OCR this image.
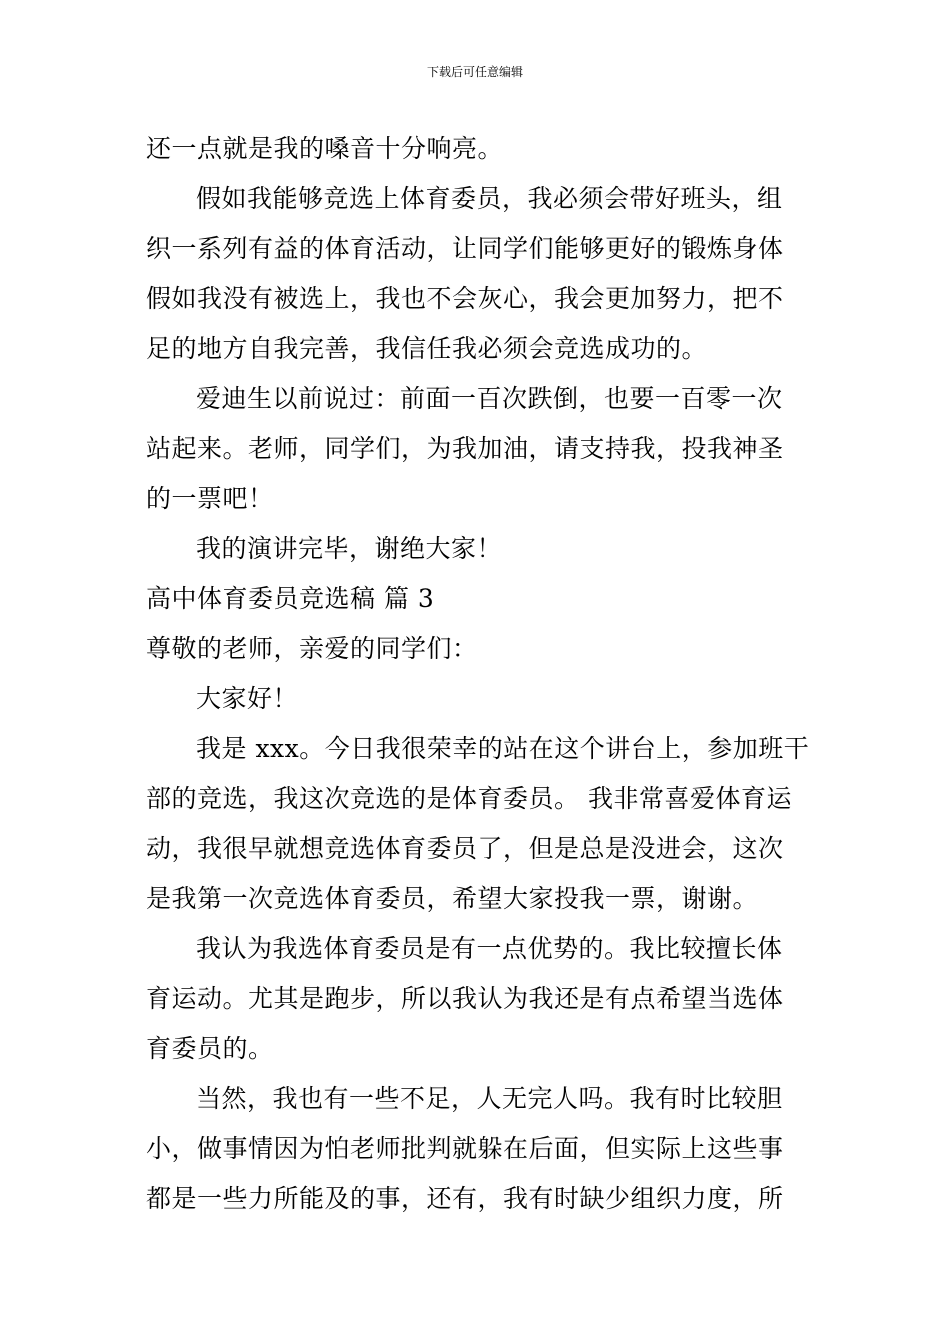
下载后可任意编辑
还一点就是我的嗓音十分响亮。
假如我能够竞选上体育委员，我必须会带好班头，组
织一系列有益的体育活动，让同学们能够更好的锻炼身体
假如我没有被选上，我也不会灰心，我会更加努力，把不
足的地方自我完善，我信任我必须会竞选成功的。
爱迪生以前说过：前面一百次跌倒，也要一百零一次
站起来。老师，同学们，为我加油，请支持我，投我神圣
的一票吧！
我的演讲完毕，谢绝大家！
高中体育委员竞选稿 篇 3
尊敬的老师，亲爱的同学们：
大家好！
我是 xxx。今日我很荣幸的站在这个讲台上，参加班干
部的竞选，我这次竞选的是体育委员。 我非常喜爱体育运
动，我很早就想竞选体育委员了，但是总是没进会，这次
是我第一次竞选体育委员，希望大家投我一票，谢谢。
我认为我选体育委员是有一点优势的。我比较擅长体
育运动。尤其是跑步，所以我认为我还是有点希望当选体
育委员的。
当然，我也有一些不足，人无完人吗。我有时比较胆
小，做事情因为怕老师批判就躲在后面，但实际上这些事
都是一些力所能及的事，还有，我有时缺少组织力度，所
